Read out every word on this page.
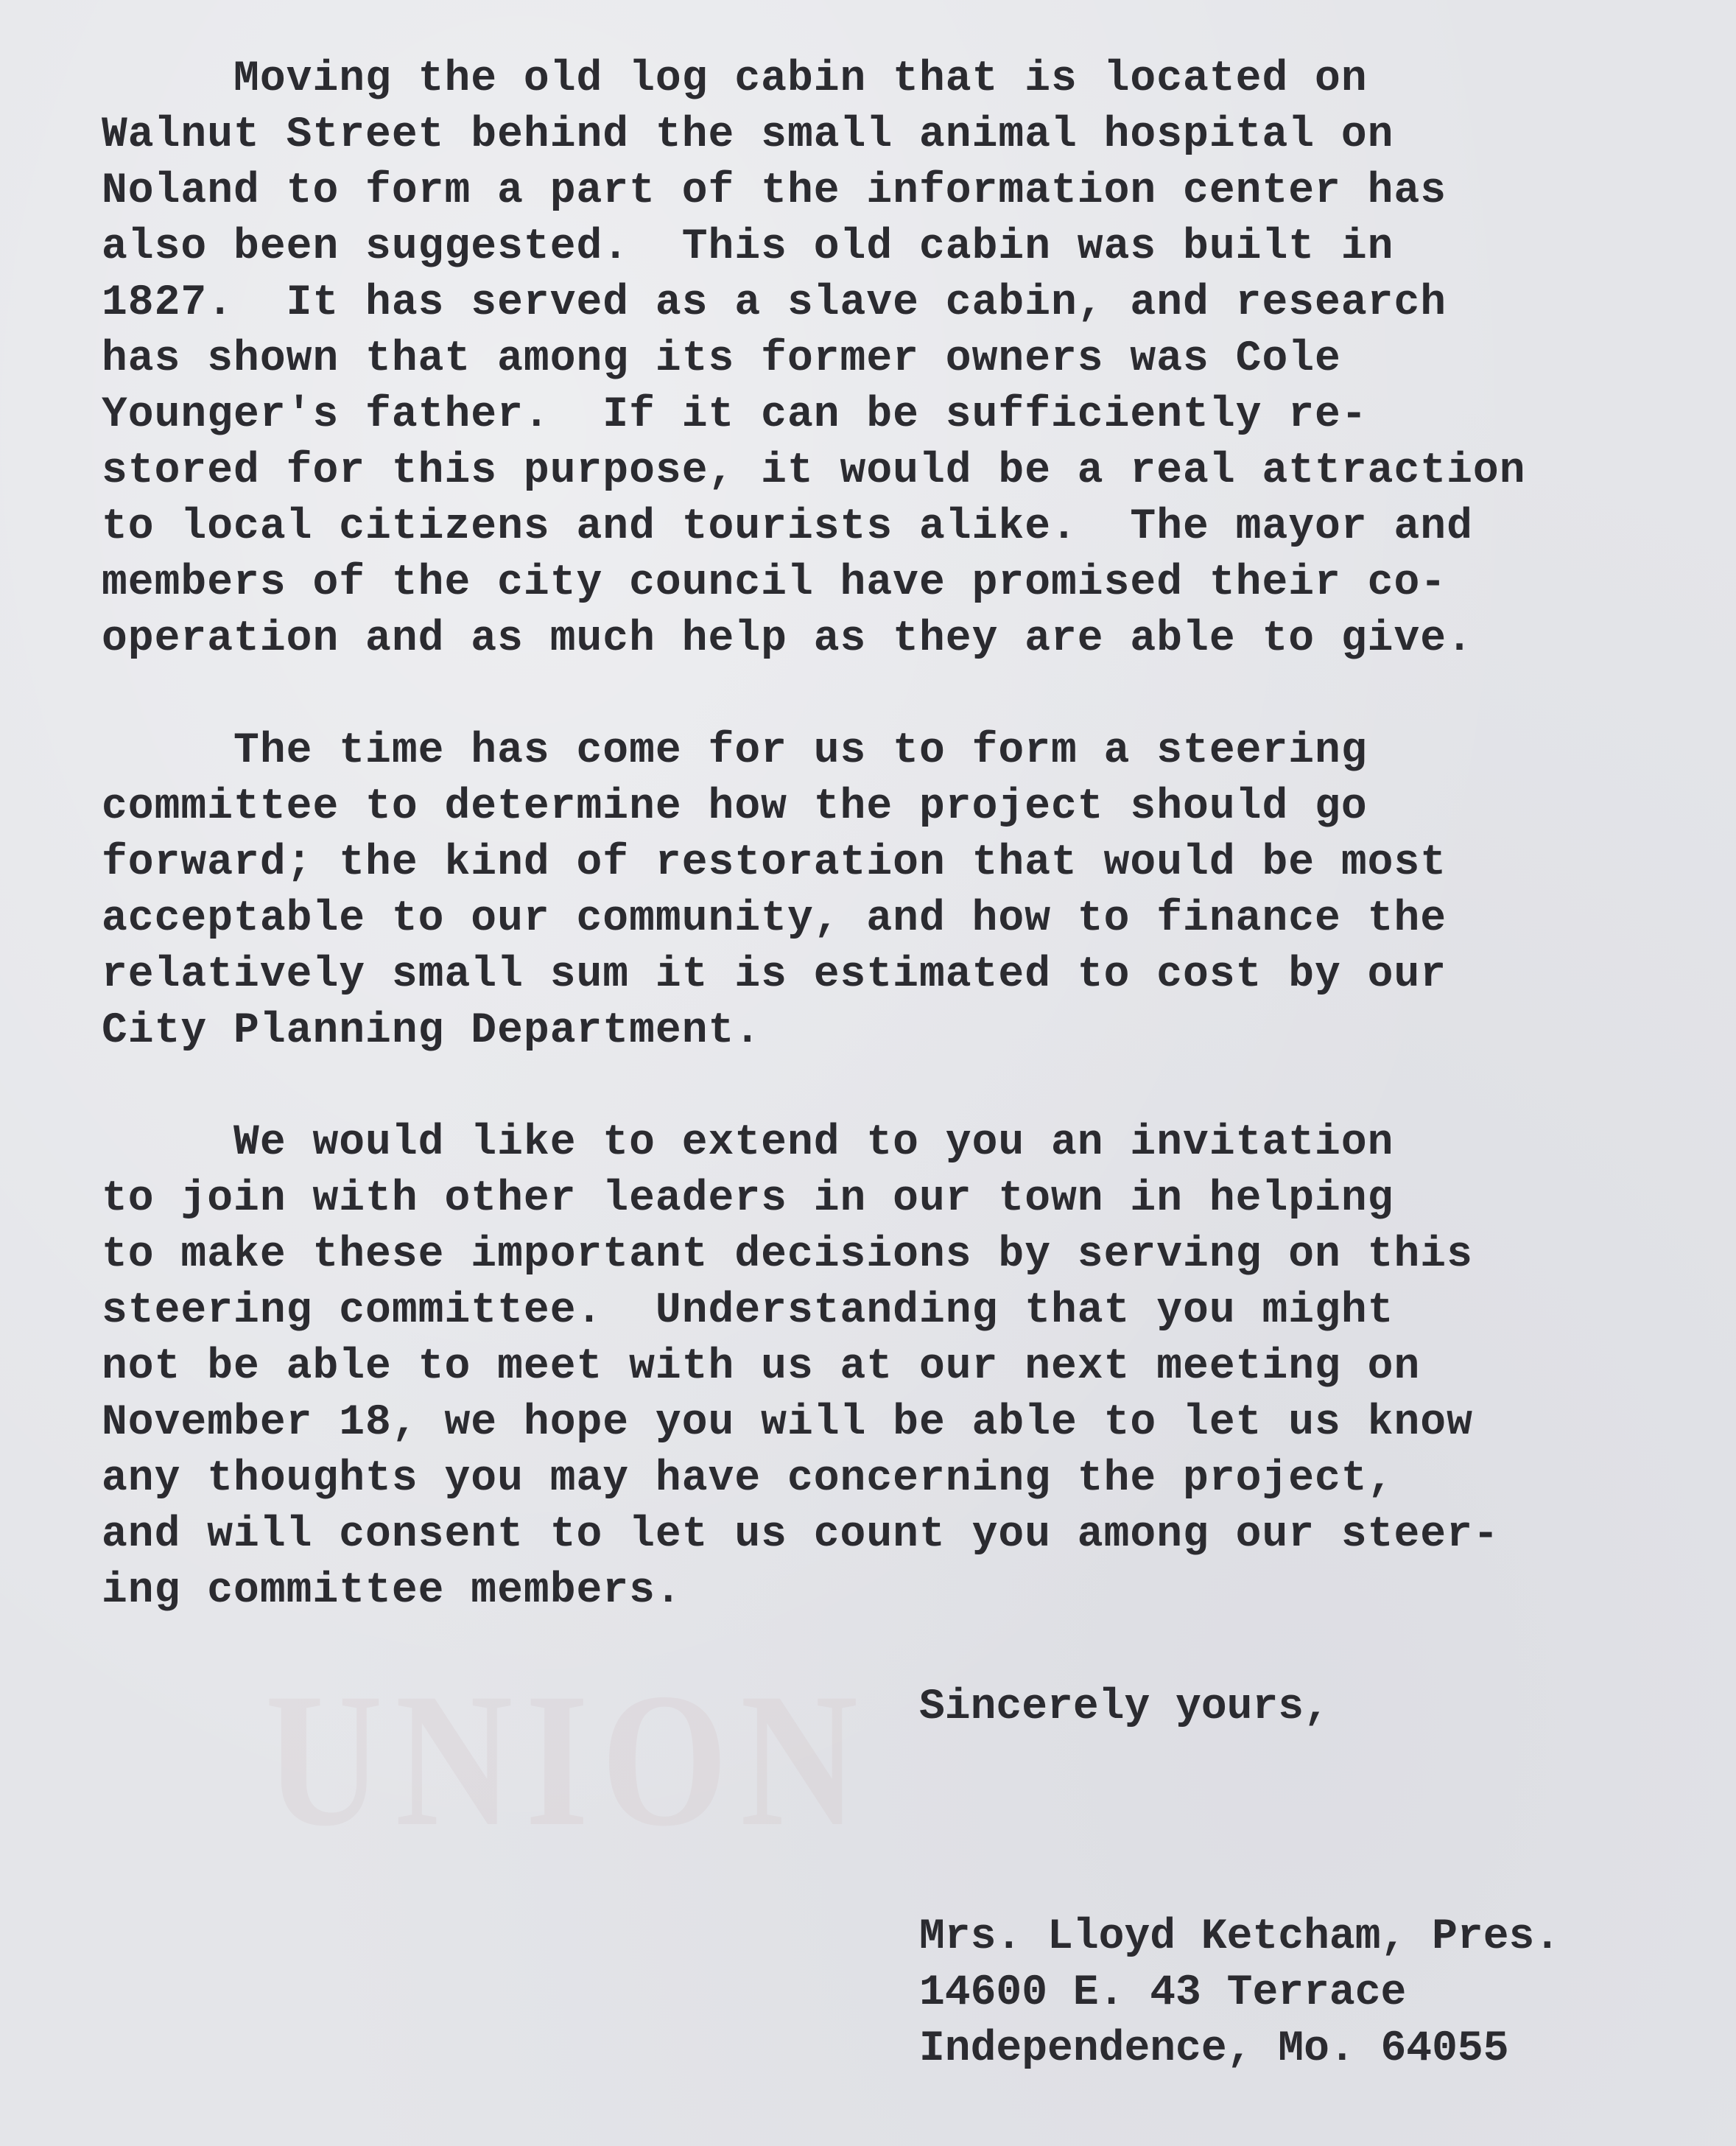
UNION
Moving the old log cabin that is located on
Walnut Street behind the small animal hospital on
Noland to form a part of the information center has
also been suggested.  This old cabin was built in
1827.  It has served as a slave cabin, and research
has shown that among its former owners was Cole
Younger's father.  If it can be sufficiently re-
stored for this purpose, it would be a real attraction
to local citizens and tourists alike.  The mayor and
members of the city council have promised their co-
operation and as much help as they are able to give.
The time has come for us to form a steering
committee to determine how the project should go
forward; the kind of restoration that would be most
acceptable to our community, and how to finance the
relatively small sum it is estimated to cost by our
City Planning Department.
We would like to extend to you an invitation
to join with other leaders in our town in helping
to make these important decisions by serving on this
steering committee.  Understanding that you might
not be able to meet with us at our next meeting on
November 18, we hope you will be able to let us know
any thoughts you may have concerning the project,
and will consent to let us count you among our steer-
ing committee members.
Sincerely yours,
Mrs. Lloyd Ketcham, Pres.
14600 E. 43 Terrace
Independence, Mo. 64055
